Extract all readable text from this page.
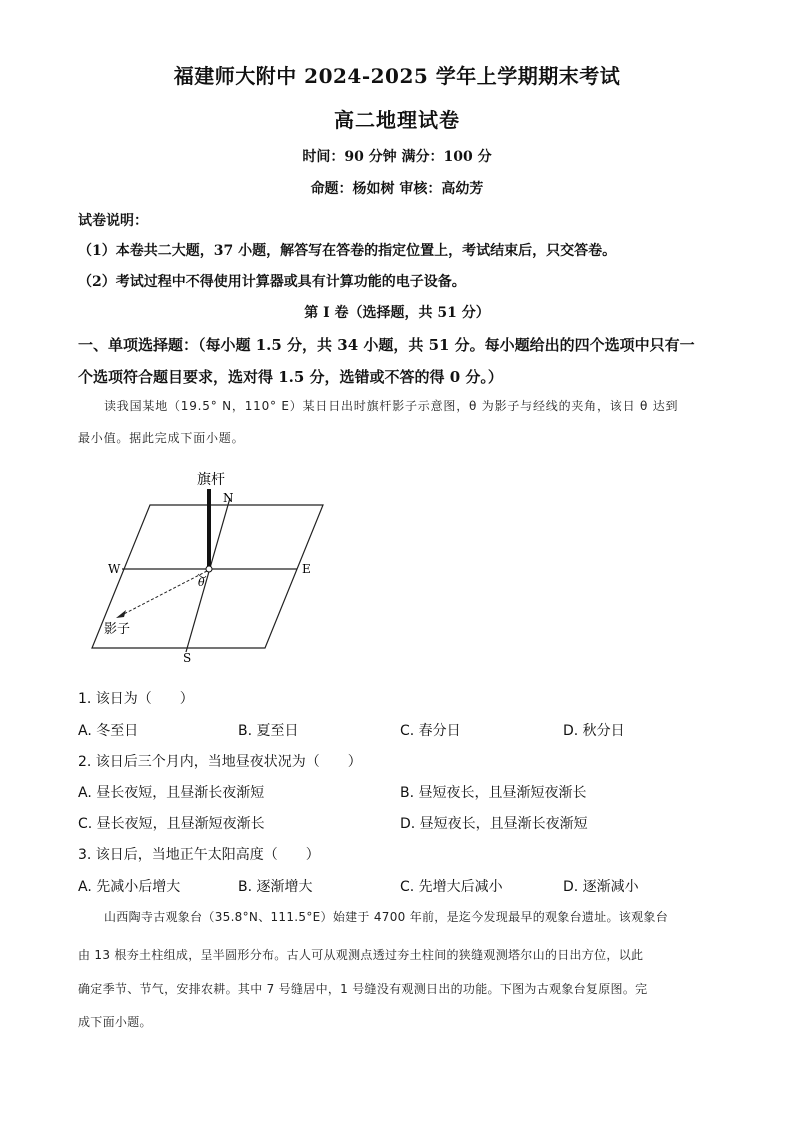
福建师大附中 2024-2025 学年上学期期末考试
高二地理试卷
时间：90 分钟 满分：100 分
命题：杨如树 审核：高幼芳
试卷说明：
（1）本卷共二大题，37 小题，解答写在答卷的指定位置上，考试结束后，只交答卷。
（2）考试过程中不得使用计算器或具有计算功能的电子设备。
第 I 卷（选择题，共 51 分）
一、单项选择题：（每小题 1.5 分，共 34 小题，共 51 分。每小题给出的四个选项中只有一
个选项符合题目要求，选对得 1.5 分，选错或不答的得 0 分。）
读我国某地（19.5° N，110° E）某日日出时旗杆影子示意图，θ 为影子与经线的夹角，该日 θ 达到
最小值。据此完成下面小题。
旗杆
N
S
W	E
θ
影子
1. 该日为（　　）
A. 冬至日	B. 夏至日	C. 春分日	D. 秋分日
2. 该日后三个月内，当地昼夜状况为（　　）
A. 昼长夜短，且昼渐长夜渐短	B. 昼短夜长，且昼渐短夜渐长
C. 昼长夜短，且昼渐短夜渐长	D. 昼短夜长，且昼渐长夜渐短
3. 该日后，当地正午太阳高度（　　）
A. 先减小后增大	B. 逐渐增大	C. 先增大后减小	D. 逐渐减小
山西陶寺古观象台（35.8°N、111.5°E）始建于 4700 年前，是迄今发现最早的观象台遗址。该观象台
由 13 根夯土柱组成，呈半圆形分布。古人可从观测点透过夯土柱间的狭缝观测塔尔山的日出方位，以此
确定季节、节气，安排农耕。其中 7 号缝居中，1 号缝没有观测日出的功能。下图为古观象台复原图。完
成下面小题。
